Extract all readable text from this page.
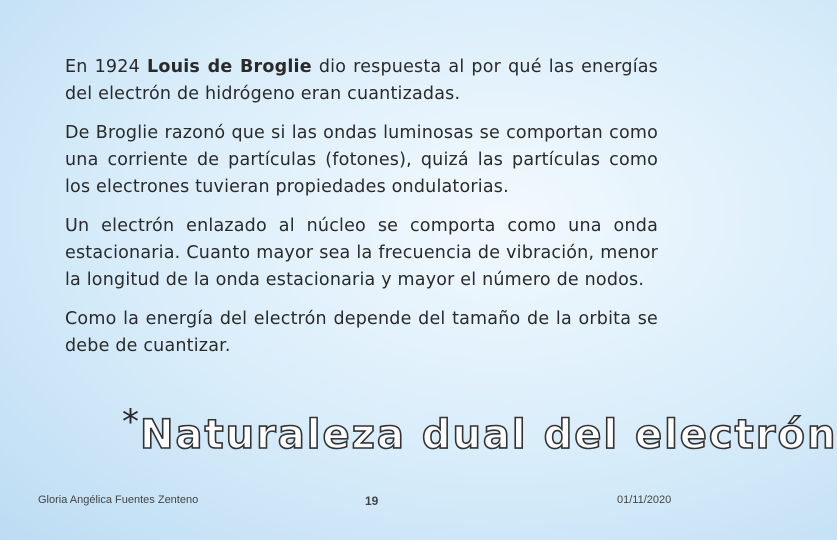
En 1924 Louis de Broglie dio respuesta al por qué las energías del electrón de hidrógeno eran cuantizadas.

De Broglie razonó que si las ondas luminosas se comportan como una corriente de partículas (fotones), quizá las partículas como los electrones tuvieran propiedades ondulatorias.

Un electrón enlazado al núcleo se comporta como una onda estacionaria. Cuanto mayor sea la frecuencia de vibración, menor la longitud de la onda estacionaria y mayor el número de nodos.

Como la energía del electrón depende del tamaño de la orbita se debe de cuantizar.

* Naturaleza dual del electrón
Gloria Angélica Fuentes Zenteno	19	01/11/2020
